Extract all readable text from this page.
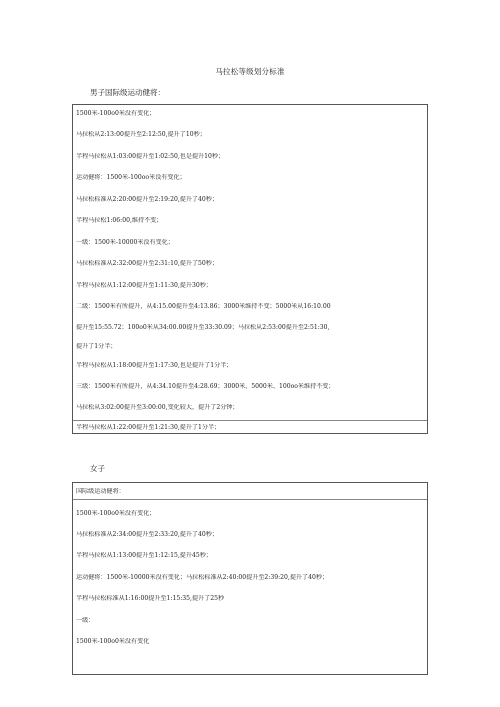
马拉松等级划分标准
男子国际级运动健将：
1500米-100o0米没有变化；
马拉松从2:13:00提升至2:12:50,提升了10秒；
半程马拉松从1:03:00提升至1:02:50,也是提升10秒；
运动健将：1500米-100oo米没有变化；
马拉松标准从2:20:00提升至2:19:20,提升了40秒；
半程马拉松1:06:00,维持不变；
一级：1500米-10000米没有变化；
马拉松标准从2:32:00提升至2:31:10,提升了50秒；
半程马拉松从1:12:00提升至1:11:30,提升30秒；
二级：1500米有所提升，从4:15.00提升至4:13.86；3000米维持不变；5000米从16:10.00
提升至15:55.72；100o0米从34:00.00提升至33:30.09；马拉松从2:53:00提升至2:51:30,
提升了1分半；
半程马拉松从1:18:00提升至1:17:30,也是提升了1分半；
三级：1500米有所提升，从4:34.10提升至4:28.69；3000米、5000米、100oo米维持不变；
马拉松从3:02:00提升至3:00:00,变化较大，提升了2分钟；
半程马拉松从1:22:00提升至1:21:30,提升了1分半；
女子
国际级运动健将：
1500米-100o0米没有变化；
马拉松标准从2:34:00提升至2:33:20,提升了40秒；
半程马拉松从1:13:00提升至1:12:15,提升45秒；
运动健将：1500米-10000米没有变化；马拉松标准从2:40:00提升至2:39:20,提升了40秒；
半程马拉松标准从1:16:00提升至1:15:35,提升了25秒
一级：
1500米-100o0米没有变化
